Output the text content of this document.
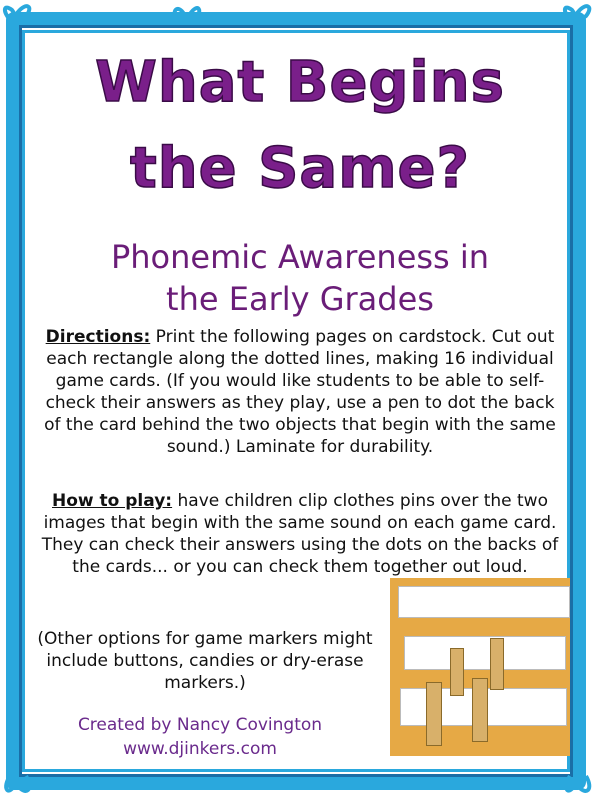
What Begins
the Same?
Phonemic Awareness in
the Early Grades
Directions: Print the following pages on cardstock. Cut out each rectangle along the dotted lines, making 16 individual game cards. (If you would like students to be able to self-check their answers as they play, use a pen to dot the back of the card behind the two objects that begin with the same sound.) Laminate for durability.
How to play: have children clip clothes pins over the two images that begin with the same sound on each game card. They can check their answers using the dots on the backs of the cards... or you can check them together out loud.
(Other options for game markers might include buttons, candies or dry-erase markers.)
Created by Nancy Covington
www.djinkers.com
